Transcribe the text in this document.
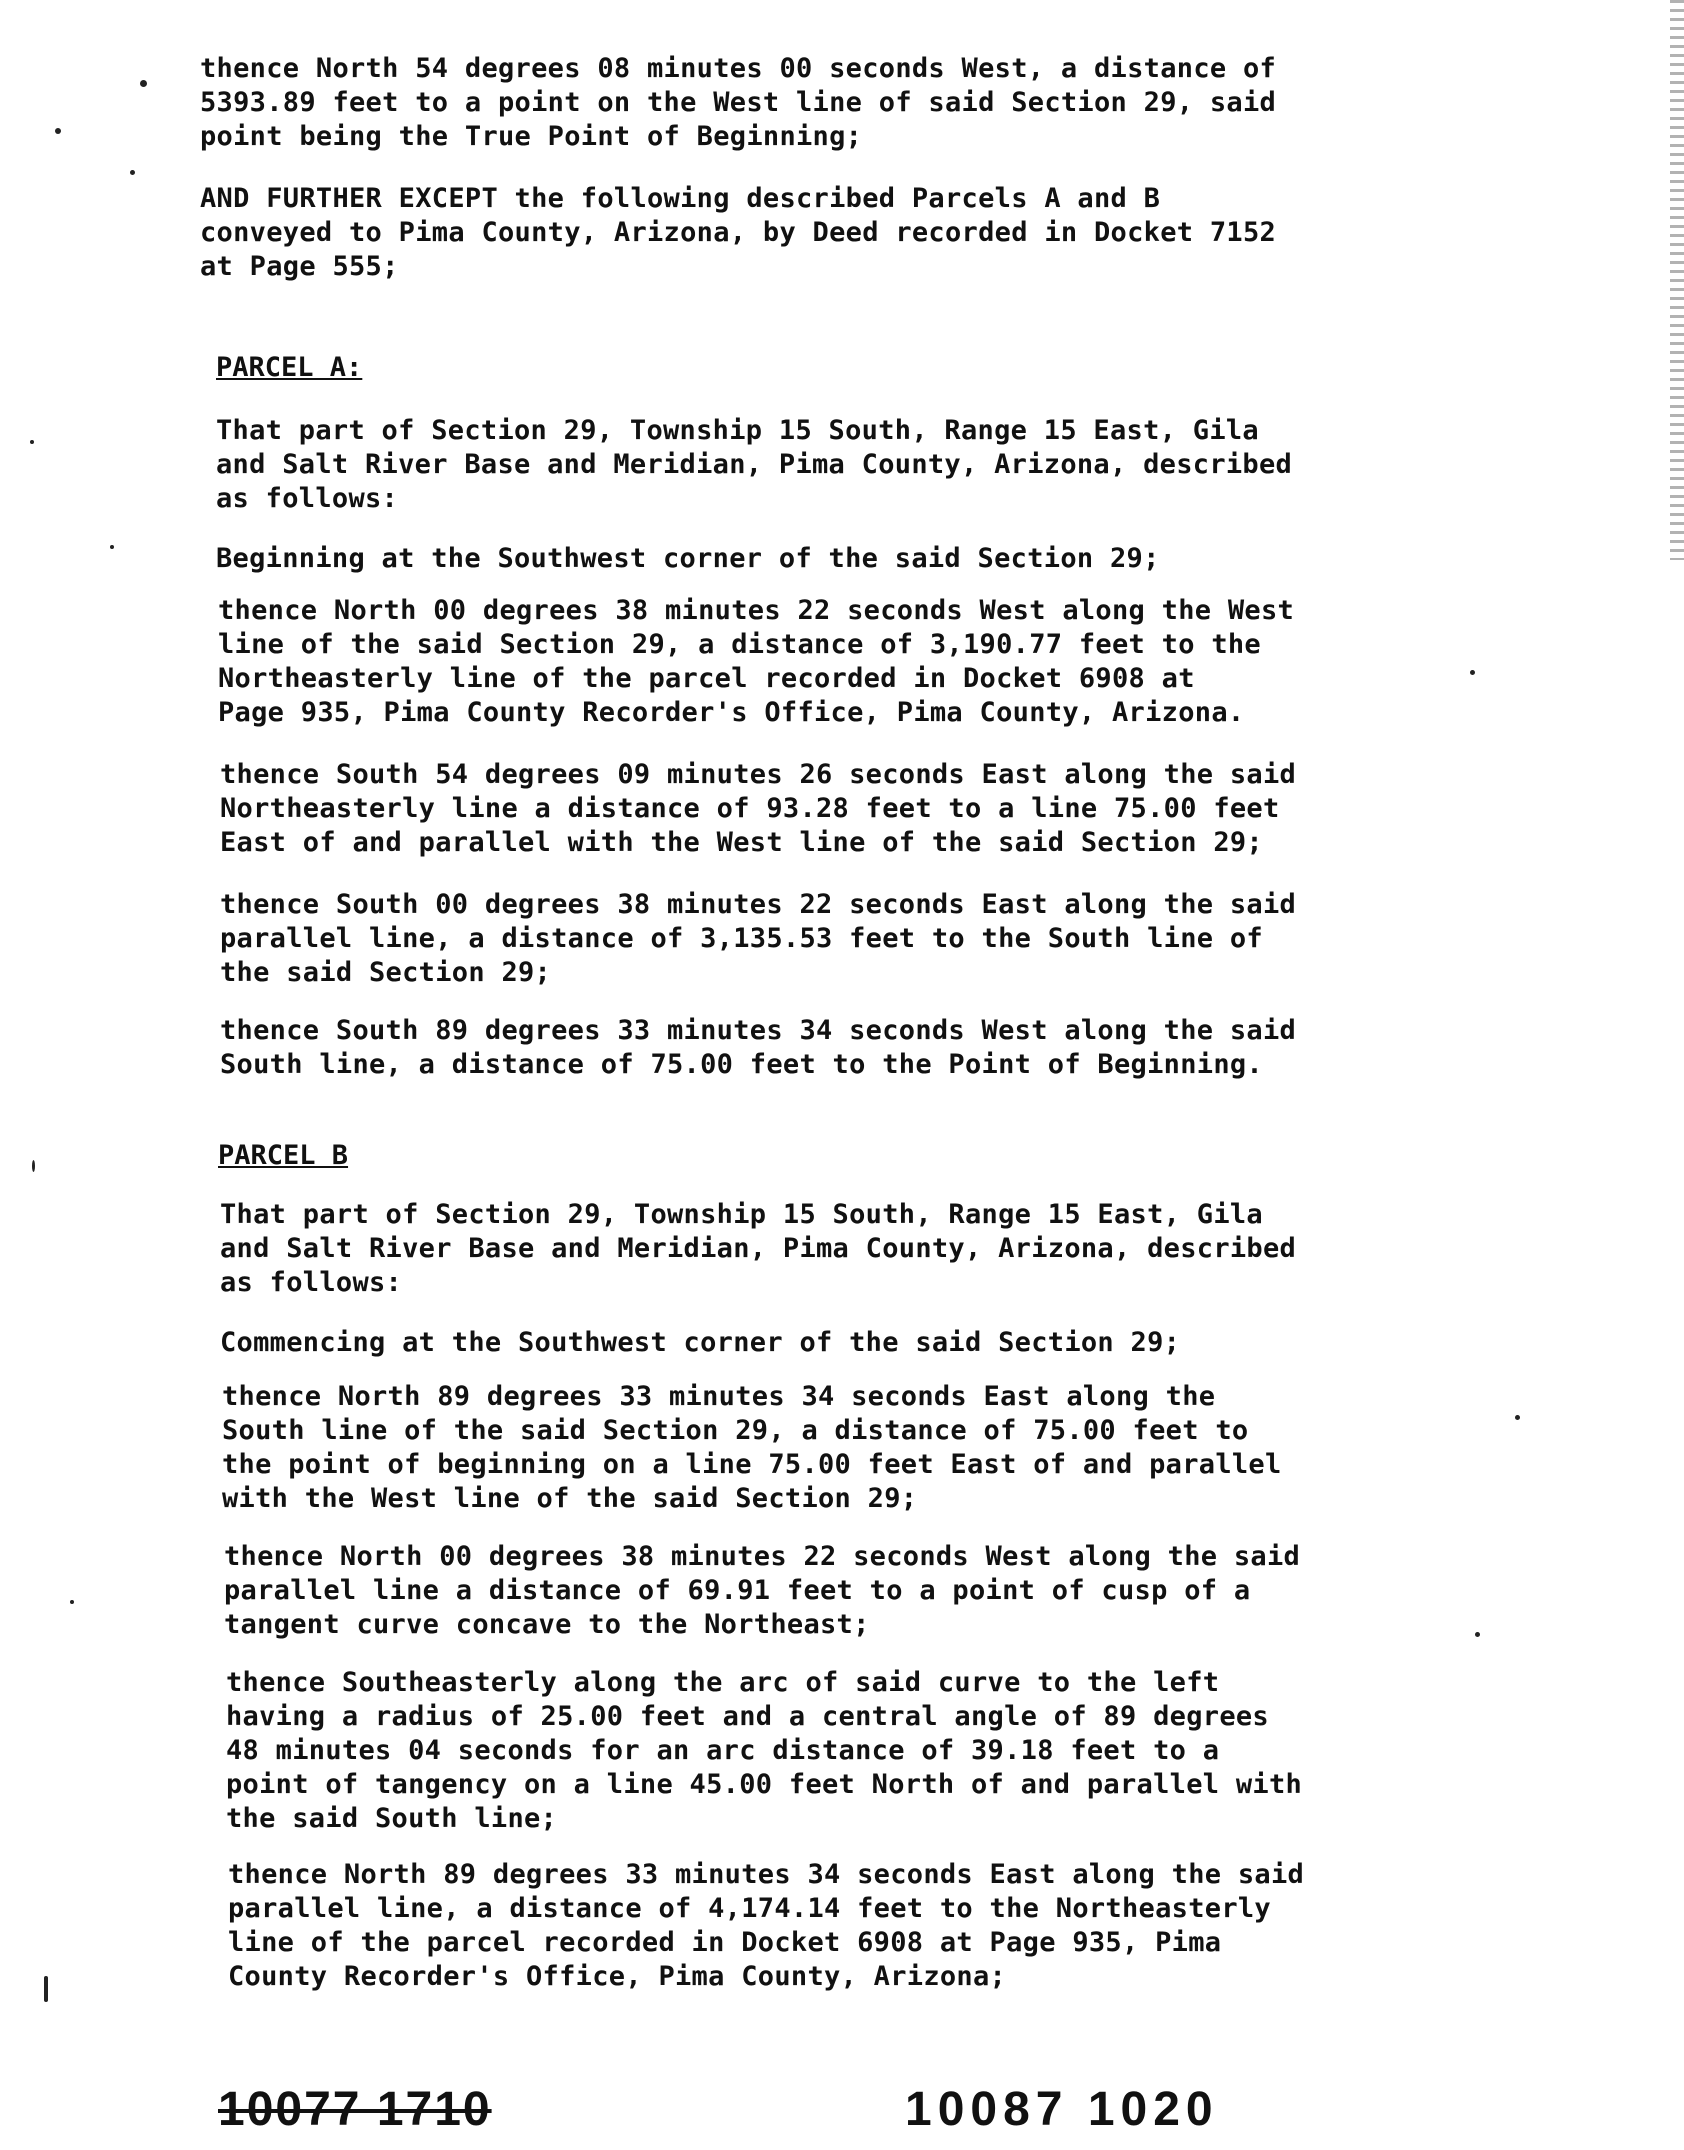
thence North 54 degrees 08 minutes 00 seconds West, a distance of
5393.89 feet to a point on the West line of said Section 29, said
point being the True Point of Beginning;
AND FURTHER EXCEPT the following described Parcels A and B
conveyed to Pima County, Arizona, by Deed recorded in Docket 7152
at Page 555;
PARCEL A:
That part of Section 29, Township 15 South, Range 15 East, Gila
and Salt River Base and Meridian, Pima County, Arizona, described
as follows:
Beginning at the Southwest corner of the said Section 29;
thence North 00 degrees 38 minutes 22 seconds West along the West
line of the said Section 29, a distance of 3,190.77 feet to the
Northeasterly line of the parcel recorded in Docket 6908 at
Page 935, Pima County Recorder's Office, Pima County, Arizona.
thence South 54 degrees 09 minutes 26 seconds East along the said
Northeasterly line a distance of 93.28 feet to a line 75.00 feet
East of and parallel with the West line of the said Section 29;
thence South 00 degrees 38 minutes 22 seconds East along the said
parallel line, a distance of 3,135.53 feet to the South line of
the said Section 29;
thence South 89 degrees 33 minutes 34 seconds West along the said
South line, a distance of 75.00 feet to the Point of Beginning.
PARCEL B
That part of Section 29, Township 15 South, Range 15 East, Gila
and Salt River Base and Meridian, Pima County, Arizona, described
as follows:
Commencing at the Southwest corner of the said Section 29;
thence North 89 degrees 33 minutes 34 seconds East along the
South line of the said Section 29, a distance of 75.00 feet to
the point of beginning on a line 75.00 feet East of and parallel
with the West line of the said Section 29;
thence North 00 degrees 38 minutes 22 seconds West along the said
parallel line a distance of 69.91 feet to a point of cusp of a
tangent curve concave to the Northeast;
thence Southeasterly along the arc of said curve to the left
having a radius of 25.00 feet and a central angle of 89 degrees
48 minutes 04 seconds for an arc distance of 39.18 feet to a
point of tangency on a line 45.00 feet North of and parallel with
the said South line;
thence North 89 degrees 33 minutes 34 seconds East along the said
parallel line, a distance of 4,174.14 feet to the Northeasterly
line of the parcel recorded in Docket 6908 at Page 935, Pima
County Recorder's Office, Pima County, Arizona;
10077 1710	10087 1020
